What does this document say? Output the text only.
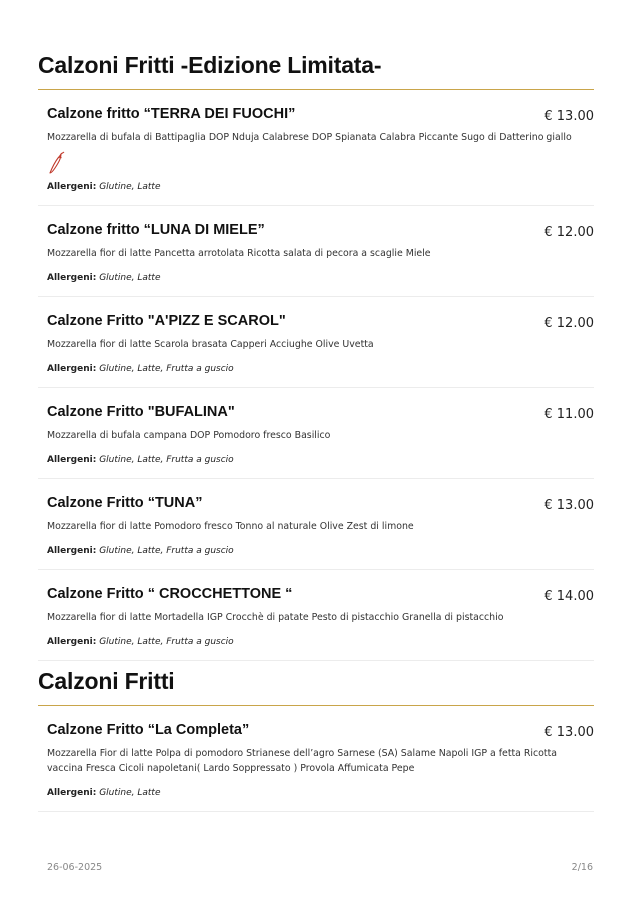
Calzoni Fritti -Edizione Limitata-
Calzone fritto “TERRA DEI FUOCHI”	€ 13.00
Mozzarella di bufala di Battipaglia DOP Nduja Calabrese DOP Spianata Calabra Piccante Sugo di Datterino giallo
Allergeni: Glutine, Latte
Calzone fritto “LUNA DI MIELE”	€ 12.00
Mozzarella fior di latte Pancetta arrotolata Ricotta salata di pecora a scaglie Miele
Allergeni: Glutine, Latte
Calzone Fritto "A'PIZZ E SCAROL"	€ 12.00
Mozzarella fior di latte Scarola brasata Capperi Acciughe Olive Uvetta
Allergeni: Glutine, Latte, Frutta a guscio
Calzone Fritto "BUFALINA"	€ 11.00
Mozzarella di bufala campana DOP Pomodoro fresco Basilico
Allergeni: Glutine, Latte, Frutta a guscio
Calzone Fritto “TUNA”	€ 13.00
Mozzarella fior di latte Pomodoro fresco Tonno al naturale Olive Zest di limone
Allergeni: Glutine, Latte, Frutta a guscio
Calzone Fritto “ CROCCHETTONE “	€ 14.00
Mozzarella fior di latte Mortadella IGP Crocchè di patate Pesto di pistacchio Granella di pistacchio
Allergeni: Glutine, Latte, Frutta a guscio
Calzoni Fritti
Calzone Fritto “La Completa”	€ 13.00
Mozzarella Fior di latte Polpa di pomodoro Strianese dell’agro Sarnese (SA) Salame Napoli IGP a fetta Ricotta vaccina Fresca Cicoli napoletani( Lardo Soppressato ) Provola Affumicata Pepe
Allergeni: Glutine, Latte
26-06-2025	2/16
